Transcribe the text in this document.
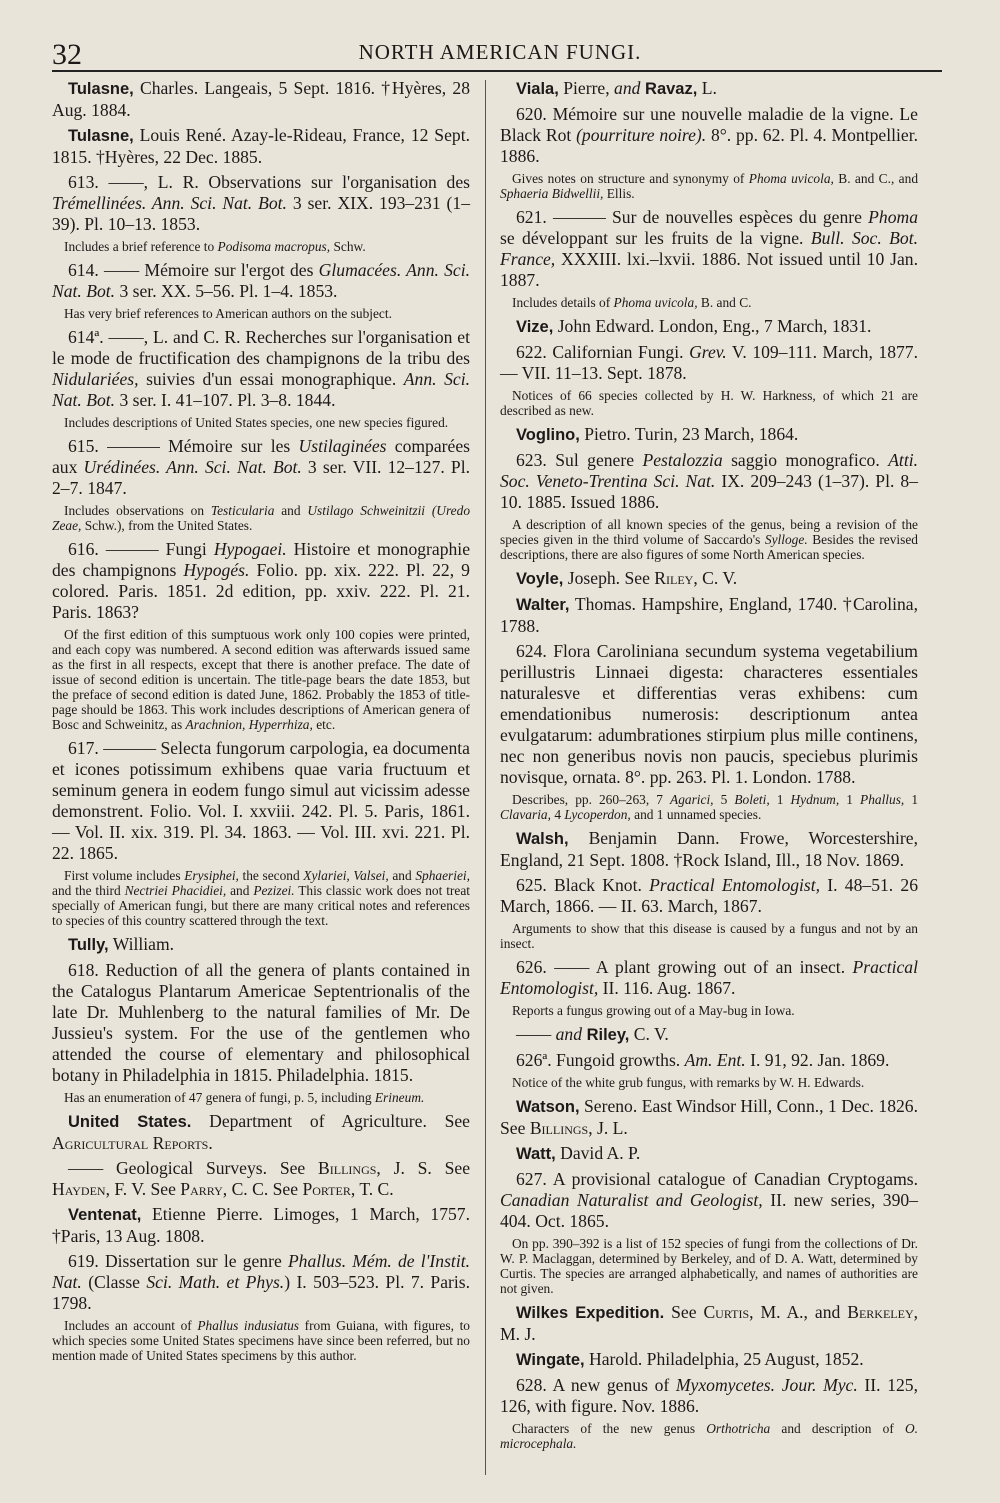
32	NORTH AMERICAN FUNGI.

Tulasne, Charles. Langeais, 5 Sept. 1816. †Hyères, 28 Aug. 1884.

Tulasne, Louis René. Azay-le-Rideau, France, 12 Sept. 1815. †Hyères, 22 Dec. 1885.

613. ——, L. R. Observations sur l'organisation des Trémellinées. Ann. Sci. Nat. Bot. 3 ser. XIX. 193–231 (1–39). Pl. 10–13. 1853.

Includes a brief reference to Podisoma macropus, Schw.

614. —— Mémoire sur l'ergot des Glumacées. Ann. Sci. Nat. Bot. 3 ser. XX. 5–56. Pl. 1–4. 1853.

Has very brief references to American authors on the subject.

614ª. ——, L. and C. R. Recherches sur l'organisation et le mode de fructification des champignons de la tribu des Nidulariées, suivies d'un essai monographique. Ann. Sci. Nat. Bot. 3 ser. I. 41–107. Pl. 3–8. 1844.

Includes descriptions of United States species, one new species figured.

615. ——— Mémoire sur les Ustilaginées comparées aux Urédinées. Ann. Sci. Nat. Bot. 3 ser. VII. 12–127. Pl. 2–7. 1847.

Includes observations on Testicularia and Ustilago Schweinitzii (Uredo Zeae, Schw.), from the United States.

616. ——— Fungi Hypogaei. Histoire et monographie des champignons Hypogés. Folio. pp. xix. 222. Pl. 22, 9 colored. Paris. 1851. 2d edition, pp. xxiv. 222. Pl. 21. Paris. 1863?

Of the first edition of this sumptuous work only 100 copies were printed, and each copy was numbered. A second edition was afterwards issued same as the first in all respects, except that there is another preface. The date of issue of second edition is uncertain. The title-page bears the date 1853, but the preface of second edition is dated June, 1862. Probably the 1853 of title-page should be 1863. This work includes descriptions of American genera of Bosc and Schweinitz, as Arachnion, Hyperrhiza, etc.

617. ——— Selecta fungorum carpologia, ea documenta et icones potissimum exhibens quae varia fructuum et seminum genera in eodem fungo simul aut vicissim adesse demonstrent. Folio. Vol. I. xxviii. 242. Pl. 5. Paris, 1861. — Vol. II. xix. 319. Pl. 34. 1863. — Vol. III. xvi. 221. Pl. 22. 1865.

First volume includes Erysiphei, the second Xylariei, Valsei, and Sphaeriei, and the third Nectriei Phacidiei, and Pezizei. This classic work does not treat specially of American fungi, but there are many critical notes and references to species of this country scattered through the text.

Tully, William.

618. Reduction of all the genera of plants contained in the Catalogus Plantarum Americae Septentrionalis of the late Dr. Muhlenberg to the natural families of Mr. De Jussieu's system. For the use of the gentlemen who attended the course of elementary and philosophical botany in Philadelphia in 1815. Philadelphia. 1815.

Has an enumeration of 47 genera of fungi, p. 5, including Erineum.

United States. Department of Agriculture. See Agricultural Reports.

—— Geological Surveys. See Billings, J. S. See Hayden, F. V. See Parry, C. C. See Porter, T. C.

Ventenat, Etienne Pierre. Limoges, 1 March, 1757. †Paris, 13 Aug. 1808.

619. Dissertation sur le genre Phallus. Mém. de l'Instit. Nat. (Classe Sci. Math. et Phys.) I. 503–523. Pl. 7. Paris. 1798.

Includes an account of Phallus indusiatus from Guiana, with figures, to which species some United States specimens have since been referred, but no mention made of United States specimens by this author.

Viala, Pierre, and Ravaz, L.

620. Mémoire sur une nouvelle maladie de la vigne. Le Black Rot (pourriture noire). 8°. pp. 62. Pl. 4. Montpellier. 1886.

Gives notes on structure and synonymy of Phoma uvicola, B. and C., and Sphaeria Bidwellii, Ellis.

621. ——— Sur de nouvelles espèces du genre Phoma se développant sur les fruits de la vigne. Bull. Soc. Bot. France, XXXIII. lxi.–lxvii. 1886. Not issued until 10 Jan. 1887.

Includes details of Phoma uvicola, B. and C.

Vize, John Edward. London, Eng., 7 March, 1831.

622. Californian Fungi. Grev. V. 109–111. March, 1877. — VII. 11–13. Sept. 1878.

Notices of 66 species collected by H. W. Harkness, of which 21 are described as new.

Voglino, Pietro. Turin, 23 March, 1864.

623. Sul genere Pestalozzia saggio monografico. Atti. Soc. Veneto-Trentina Sci. Nat. IX. 209–243 (1–37). Pl. 8–10. 1885. Issued 1886.

A description of all known species of the genus, being a revision of the species given in the third volume of Saccardo's Sylloge. Besides the revised descriptions, there are also figures of some North American species.

Voyle, Joseph. See Riley, C. V.

Walter, Thomas. Hampshire, England, 1740. †Carolina, 1788.

624. Flora Caroliniana secundum systema vegetabilium perillustris Linnaei digesta: characteres essentiales naturalesve et differentias veras exhibens: cum emendationibus numerosis: descriptionum antea evulgatarum: adumbrationes stirpium plus mille continens, nec non generibus novis non paucis, speciebus plurimis novisque, ornata. 8°. pp. 263. Pl. 1. London. 1788.

Describes, pp. 260–263, 7 Agarici, 5 Boleti, 1 Hydnum, 1 Phallus, 1 Clavaria, 4 Lycoperdon, and 1 unnamed species.

Walsh, Benjamin Dann. Frowe, Worcestershire, England, 21 Sept. 1808. †Rock Island, Ill., 18 Nov. 1869.

625. Black Knot. Practical Entomologist, I. 48–51. 26 March, 1866. — II. 63. March, 1867.

Arguments to show that this disease is caused by a fungus and not by an insect.

626. —— A plant growing out of an insect. Practical Entomologist, II. 116. Aug. 1867.

Reports a fungus growing out of a May-bug in Iowa.

—— and Riley, C. V.

626ª. Fungoid growths. Am. Ent. I. 91, 92. Jan. 1869.

Notice of the white grub fungus, with remarks by W. H. Edwards.

Watson, Sereno. East Windsor Hill, Conn., 1 Dec. 1826. See Billings, J. L.

Watt, David A. P.

627. A provisional catalogue of Canadian Cryptogams. Canadian Naturalist and Geologist, II. new series, 390–404. Oct. 1865.

On pp. 390–392 is a list of 152 species of fungi from the collections of Dr. W. P. Maclaggan, determined by Berkeley, and of D. A. Watt, determined by Curtis. The species are arranged alphabetically, and names of authorities are not given.

Wilkes Expedition. See Curtis, M. A., and Berkeley, M. J.

Wingate, Harold. Philadelphia, 25 August, 1852.

628. A new genus of Myxomycetes. Jour. Myc. II. 125, 126, with figure. Nov. 1886.

Characters of the new genus Orthotricha and description of O. microcephala.
